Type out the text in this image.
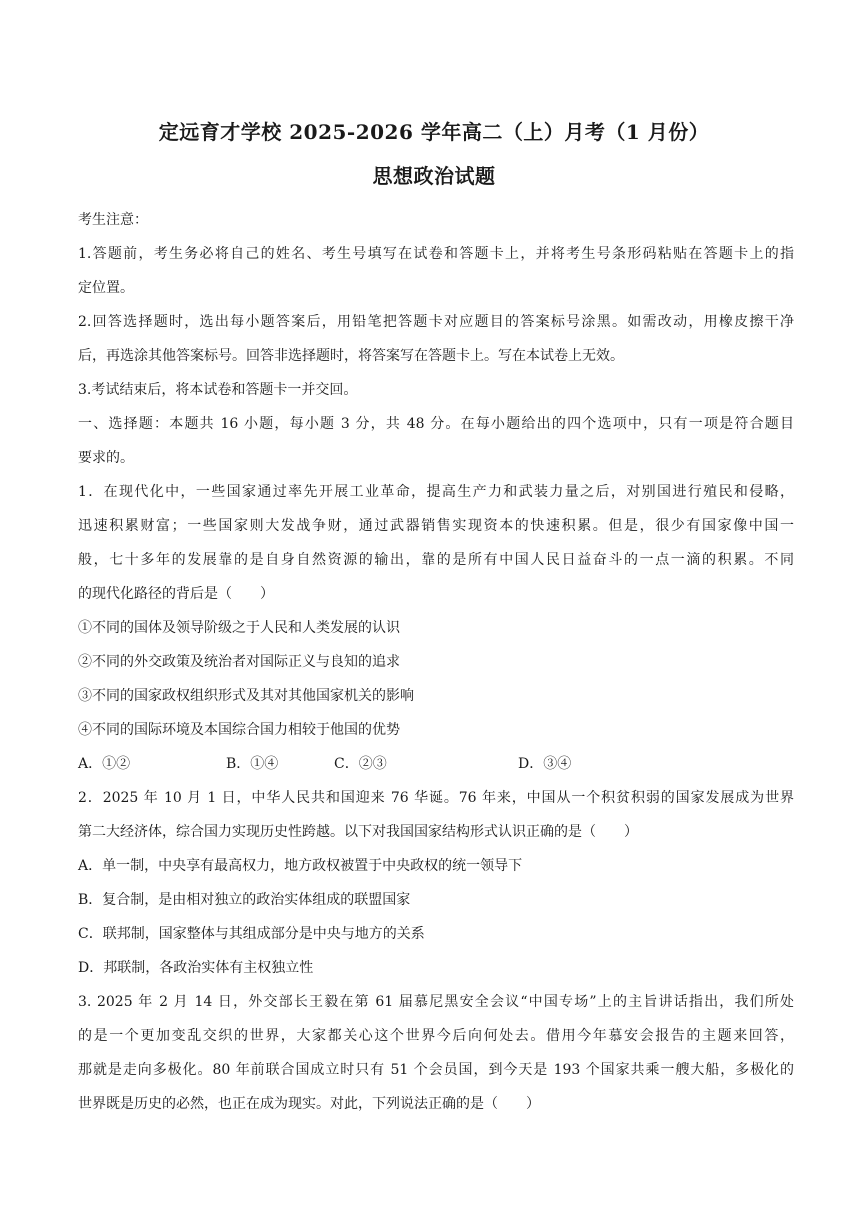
定远育才学校 2025-2026 学年高二（上）月考（1 月份）
思想政治试题
考生注意：
1.答题前，考生务必将自己的姓名、考生号填写在试卷和答题卡上，并将考生号条形码粘贴在答题卡上的指
定位置。
2.回答选择题时，选出每小题答案后，用铅笔把答题卡对应题目的答案标号涂黑。如需改动，用橡皮擦干净
后，再选涂其他答案标号。回答非选择题时，将答案写在答题卡上。写在本试卷上无效。
3.考试结束后，将本试卷和答题卡一并交回。
一、选择题：本题共 16 小题，每小题 3 分，共 48 分。在每小题给出的四个选项中，只有一项是符合题目
要求的。
1．在现代化中，一些国家通过率先开展工业革命，提高生产力和武装力量之后，对别国进行殖民和侵略，
迅速积累财富；一些国家则大发战争财，通过武器销售实现资本的快速积累。但是，很少有国家像中国一
般，七十多年的发展靠的是自身自然资源的输出，靠的是所有中国人民日益奋斗的一点一滴的积累。不同
的现代化路径的背后是（　　）
①不同的国体及领导阶级之于人民和人类发展的认识
②不同的外交政策及统治者对国际正义与良知的追求
③不同的国家政权组织形式及其对其他国家机关的影响
④不同的国际环境及本国综合国力相较于他国的优势
A．①②	B．①④	C．②③	D．③④
2．2025 年 10 月 1 日，中华人民共和国迎来 76 华诞。76 年来，中国从一个积贫积弱的国家发展成为世界
第二大经济体，综合国力实现历史性跨越。以下对我国国家结构形式认识正确的是（　　）
A．单一制，中央享有最高权力，地方政权被置于中央政权的统一领导下
B．复合制，是由相对独立的政治实体组成的联盟国家
C．联邦制，国家整体与其组成部分是中央与地方的关系
D．邦联制，各政治实体有主权独立性
3. 2025 年 2 月 14 日，外交部长王毅在第 61 届慕尼黑安全会议“中国专场”上的主旨讲话指出，我们所处
的是一个更加变乱交织的世界，大家都关心这个世界今后向何处去。借用今年慕安会报告的主题来回答，
那就是走向多极化。80 年前联合国成立时只有 51 个会员国，到今天是 193 个国家共乘一艘大船，多极化的
世界既是历史的必然，也正在成为现实。对此，下列说法正确的是（　　）
